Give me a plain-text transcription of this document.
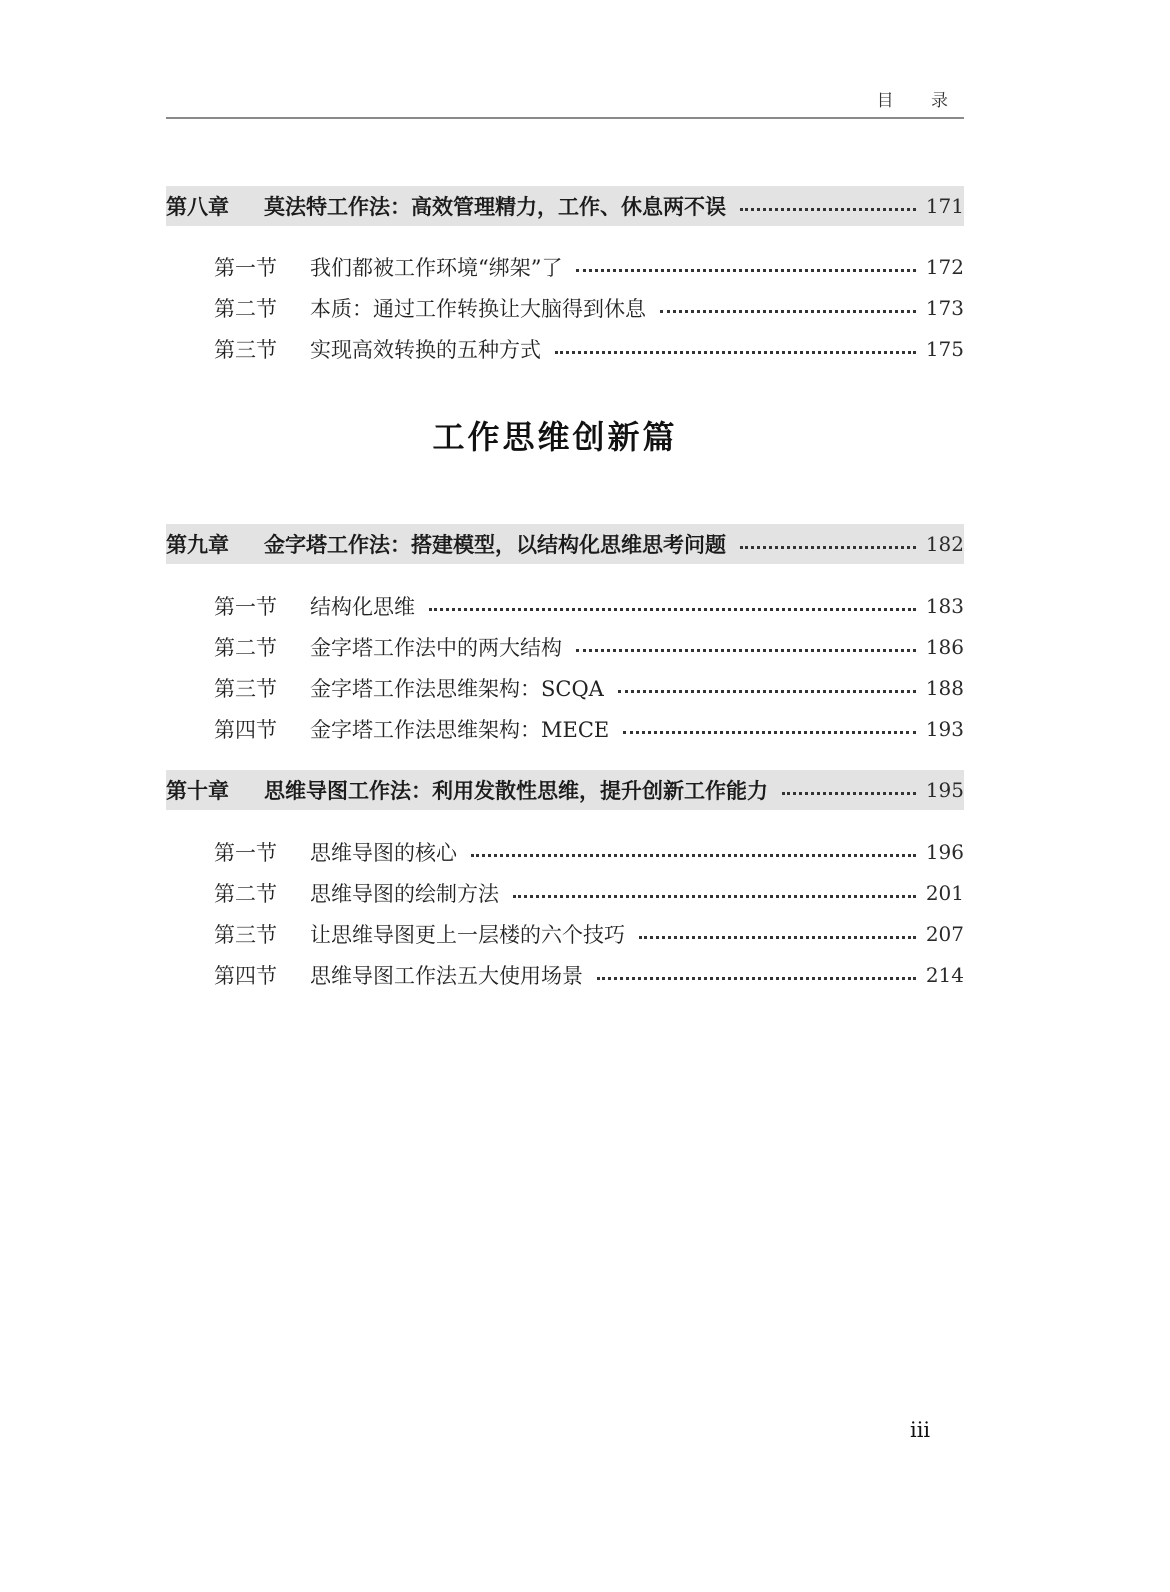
目 录
第八章	莫法特工作法：高效管理精力，工作、休息两不误	171
第一节	我们都被工作环境“绑架”了	172
第二节	本质：通过工作转换让大脑得到休息	173
第三节	实现高效转换的五种方式	175
工作思维创新篇
第九章	金字塔工作法：搭建模型，以结构化思维思考问题	182
第一节	结构化思维	183
第二节	金字塔工作法中的两大结构	186
第三节	金字塔工作法思维架构：SCQA	188
第四节	金字塔工作法思维架构：MECE	193
第十章	思维导图工作法：利用发散性思维，提升创新工作能力	195
第一节	思维导图的核心	196
第二节	思维导图的绘制方法	201
第三节	让思维导图更上一层楼的六个技巧	207
第四节	思维导图工作法五大使用场景	214
iii
